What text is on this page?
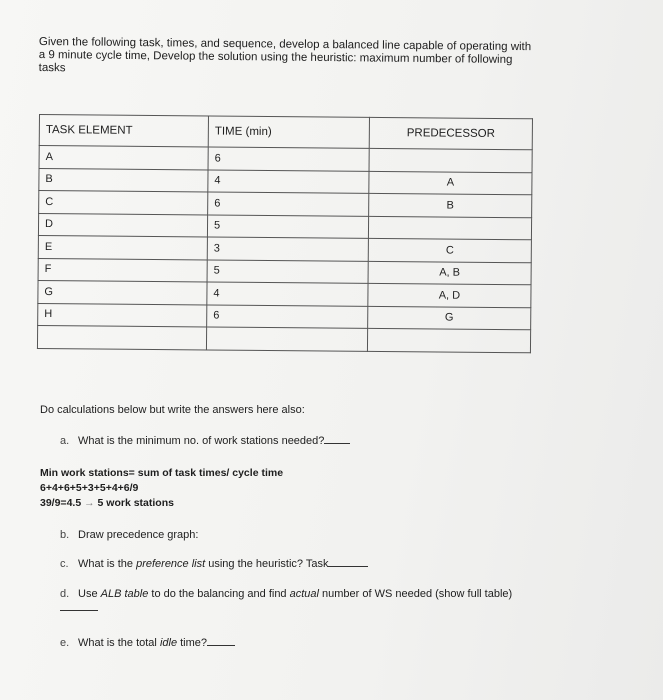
Given the following task, times, and sequence, develop a balanced line capable of operating with a 9 minute cycle time, Develop the solution using the heuristic: maximum number of following tasks
TASK ELEMENT	TIME (min)	PREDECESSOR
A	6	
B	4	A
C	6	B
D	5	
E	3	C
F	5	A, B
G	4	A, D
H	6	G

Do calculations below but write the answers here also:
a. What is the minimum no. of work stations needed?
Min work stations= sum of task times/ cycle time
6+4+6+5+3+5+4+6/9
39/9=4.5 → 5 work stations
b. Draw precedence graph:
c. What is the preference list using the heuristic? Task
d. Use ALB table to do the balancing and find actual number of WS needed (show full table)
e. What is the total idle time?
